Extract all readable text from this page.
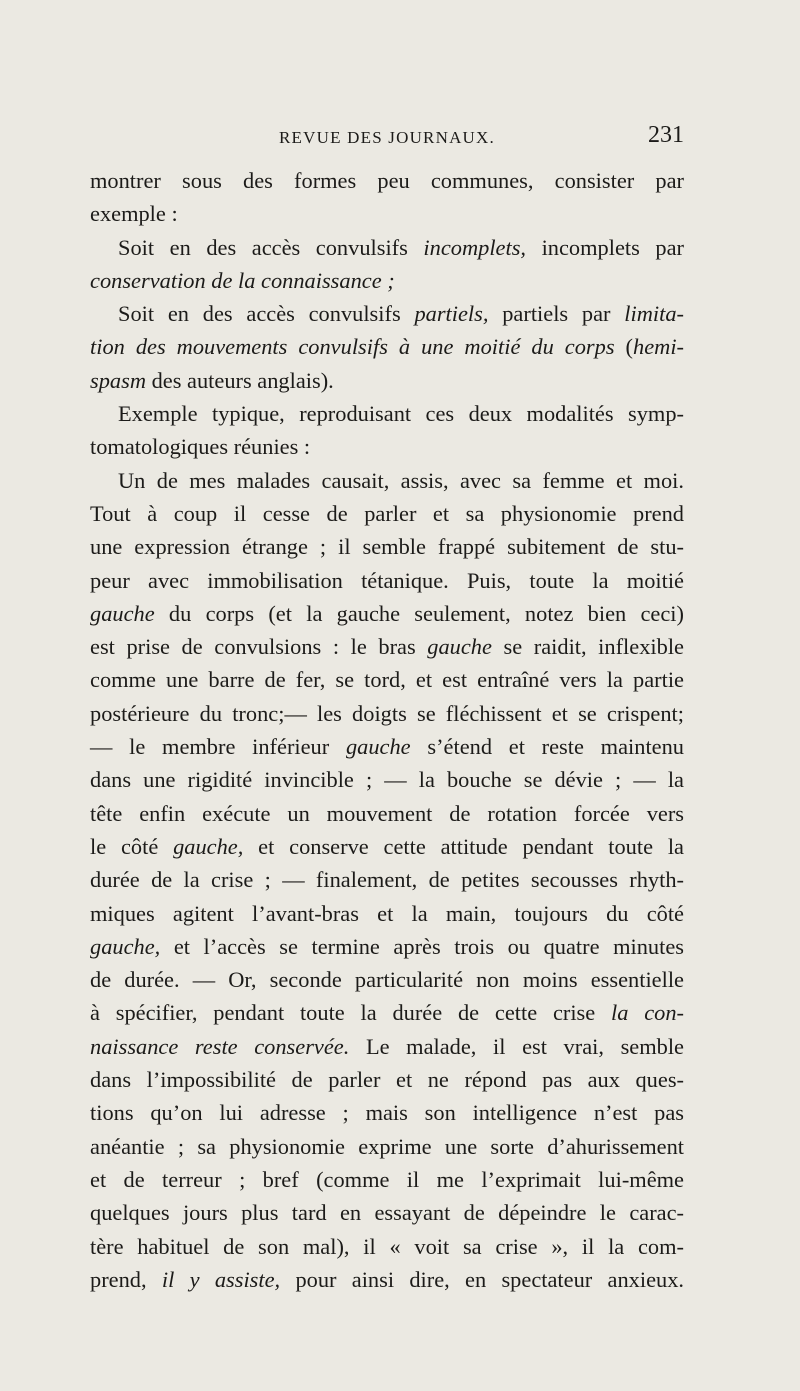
REVUE DES JOURNAUX.	231
montrer sous des formes peu communes, consister par
exemple :
Soit en des accès convulsifs incomplets, incomplets par
conservation de la connaissance ;
Soit en des accès convulsifs partiels, partiels par limita-
tion des mouvements convulsifs à une moitié du corps (hemi-
spasm des auteurs anglais).
Exemple typique, reproduisant ces deux modalités symp-
tomatologiques réunies :
Un de mes malades causait, assis, avec sa femme et moi.
Tout à coup il cesse de parler et sa physionomie prend
une expression étrange ; il semble frappé subitement de stu-
peur avec immobilisation tétanique. Puis, toute la moitié
gauche du corps (et la gauche seulement, notez bien ceci)
est prise de convulsions : le bras gauche se raidit, inflexible
comme une barre de fer, se tord, et est entraîné vers la partie
postérieure du tronc;— les doigts se fléchissent et se crispent;
— le membre inférieur gauche s’étend et reste maintenu
dans une rigidité invincible ; — la bouche se dévie ; — la
tête enfin exécute un mouvement de rotation forcée vers
le côté gauche, et conserve cette attitude pendant toute la
durée de la crise ; — finalement, de petites secousses rhyth-
miques agitent l’avant-bras et la main, toujours du côté
gauche, et l’accès se termine après trois ou quatre minutes
de durée. — Or, seconde particularité non moins essentielle
à spécifier, pendant toute la durée de cette crise la con-
naissance reste conservée. Le malade, il est vrai, semble
dans l’impossibilité de parler et ne répond pas aux ques-
tions qu’on lui adresse ; mais son intelligence n’est pas
anéantie ; sa physionomie exprime une sorte d’ahurissement
et de terreur ; bref (comme il me l’exprimait lui-même
quelques jours plus tard en essayant de dépeindre le carac-
tère habituel de son mal), il « voit sa crise », il la com-
prend, il y assiste, pour ainsi dire, en spectateur anxieux.
